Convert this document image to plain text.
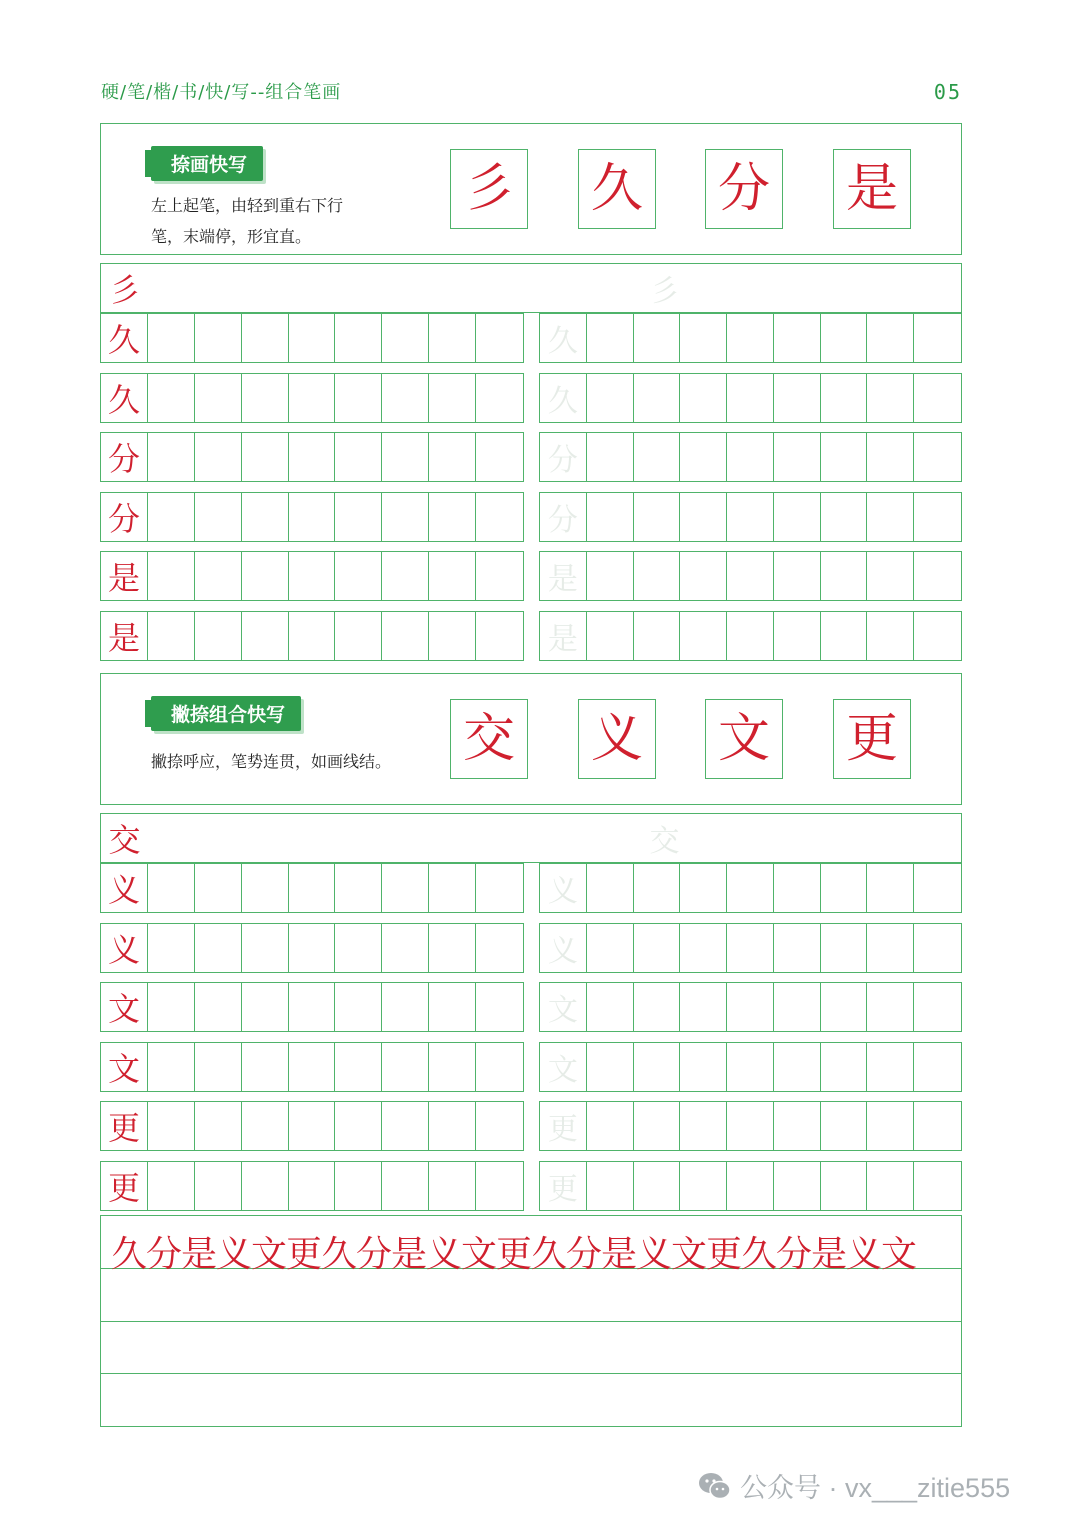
硬/笔/楷/书/快/写--组合笔画	05
捺画快写
左上起笔，由轻到重右下行
笔，末端停，形宜直。
彡 久 分 是
彡	彡
久	久
久	久
分	分
分	分
是	是
是	是
撇捺组合快写
撇捺呼应，笔势连贯，如画线结。 交 义 文 更
交	交
义	义
义	义
文	文
文	文
更	更
更	更
久分是义文更久分是义文更久分是义文更久分是义文
公众号 · vx___zitie555
